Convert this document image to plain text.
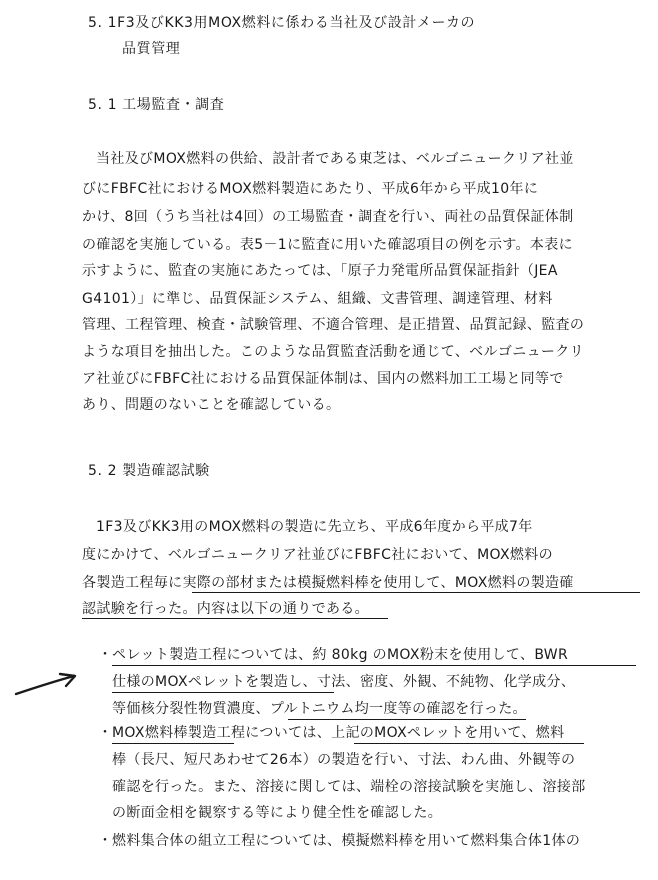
5. 1F3及びKK3用MOX燃料に係わる当社及び設計メーカの
品質管理
5. 1 工場監査・調査
当社及びMOX燃料の供給、設計者である東芝は、ベルゴニュークリア社並
びにFBFC社におけるMOX燃料製造にあたり、平成6年から平成10年に
かけ、8回（うち当社は4回）の工場監査・調査を行い、両社の品質保証体制
の確認を実施している。表5－1に監査に用いた確認項目の例を示す。本表に
示すように、監査の実施にあたっては、「原子力発電所品質保証指針（JEA
G4101）」に準じ、品質保証システム、組織、文書管理、調達管理、材料
管理、工程管理、検査・試験管理、不適合管理、是正措置、品質記録、監査の
ような項目を抽出した。このような品質監査活動を通じて、ベルゴニュークリ
ア社並びにFBFC社における品質保証体制は、国内の燃料加工工場と同等で
あり、問題のないことを確認している。
5. 2 製造確認試験
1F3及びKK3用のMOX燃料の製造に先立ち、平成6年度から平成7年
度にかけて、ベルゴニュークリア社並びにFBFC社において、MOX燃料の
各製造工程毎に実際の部材または模擬燃料棒を使用して、MOX燃料の製造確
認試験を行った。内容は以下の通りである。
・ ペレット製造工程については、約 80kg のMOX粉末を使用して、BWR
仕様のMOXペレットを製造し、寸法、密度、外観、不純物、化学成分、
等価核分裂性物質濃度、プルトニウム均一度等の確認を行った。
・ MOX燃料棒製造工程については、上記のMOXペレットを用いて、燃料
棒（長尺、短尺あわせて26本）の製造を行い、寸法、わん曲、外観等の
確認を行った。また、溶接に関しては、端栓の溶接試験を実施し、溶接部
の断面金相を観察する等により健全性を確認した。
・ 燃料集合体の組立工程については、模擬燃料棒を用いて燃料集合体1体の
